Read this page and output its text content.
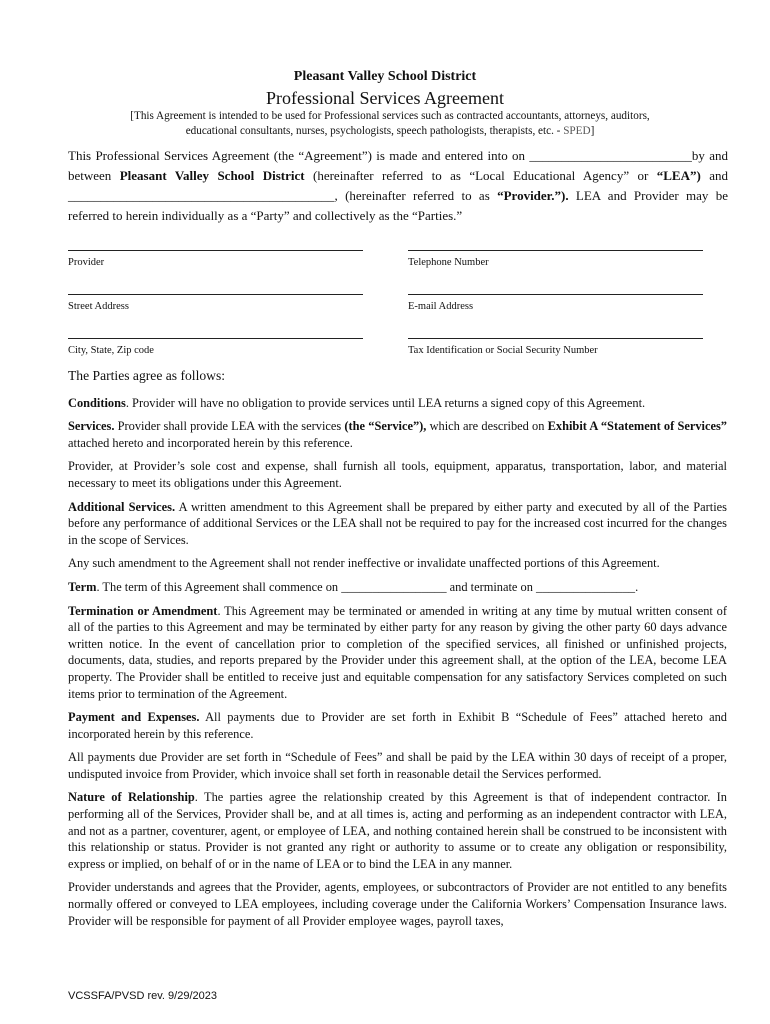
Pleasant Valley School District
Professional Services Agreement
[This Agreement is intended to be used for Professional services such as contracted accountants, attorneys, auditors,
educational consultants, nurses, psychologists, speech pathologists, therapists, etc. - SPED]
This Professional Services Agreement (the “Agreement”) is made and entered into on _________________________by and between Pleasant Valley School District (hereinafter referred to as “Local Educational Agency” or “LEA”) and _________________________________________, (hereinafter referred to as “Provider.”). LEA and Provider may be referred to herein individually as a “Party” and collectively as the “Parties.”
Provider	Telephone Number
Street Address	E-mail Address
City, State, Zip code	Tax Identification or Social Security Number

The Parties agree as follows:

Conditions. Provider will have no obligation to provide services until LEA returns a signed copy of this Agreement.

Services. Provider shall provide LEA with the services (the “Service”), which are described on Exhibit A “Statement of Services” attached hereto and incorporated herein by this reference.

Provider, at Provider’s sole cost and expense, shall furnish all tools, equipment, apparatus, transportation, labor, and material necessary to meet its obligations under this Agreement.

Additional Services. A written amendment to this Agreement shall be prepared by either party and executed by all of the Parties before any performance of additional Services or the LEA shall not be required to pay for the increased cost incurred for the changes in the scope of Services.

Any such amendment to the Agreement shall not render ineffective or invalidate unaffected portions of this Agreement.

Term. The term of this Agreement shall commence on _________________ and terminate on ________________.

Termination or Amendment. This Agreement may be terminated or amended in writing at any time by mutual written consent of all of the parties to this Agreement and may be terminated by either party for any reason by giving the other party 60 days advance written notice. In the event of cancellation prior to completion of the specified services, all finished or unfinished projects, documents, data, studies, and reports prepared by the Provider under this agreement shall, at the option of the LEA, become LEA property. The Provider shall be entitled to receive just and equitable compensation for any satisfactory Services completed on such items prior to termination of the Agreement.

Payment and Expenses. All payments due to Provider are set forth in Exhibit B “Schedule of Fees” attached hereto and incorporated herein by this reference.

All payments due Provider are set forth in “Schedule of Fees” and shall be paid by the LEA within 30 days of receipt of a proper, undisputed invoice from Provider, which invoice shall set forth in reasonable detail the Services performed.

Nature of Relationship. The parties agree the relationship created by this Agreement is that of independent contractor. In performing all of the Services, Provider shall be, and at all times is, acting and performing as an independent contractor with LEA, and not as a partner, coventurer, agent, or employee of LEA, and nothing contained herein shall be construed to be inconsistent with this relationship or status. Provider is not granted any right or authority to assume or to create any obligation or responsibility, express or implied, on behalf of or in the name of LEA or to bind the LEA in any manner.

Provider understands and agrees that the Provider, agents, employees, or subcontractors of Provider are not entitled to any benefits normally offered or conveyed to LEA employees, including coverage under the California Workers’ Compensation Insurance laws. Provider will be responsible for payment of all Provider employee wages, payroll taxes,

VCSSFA/PVSD rev. 9/29/2023
